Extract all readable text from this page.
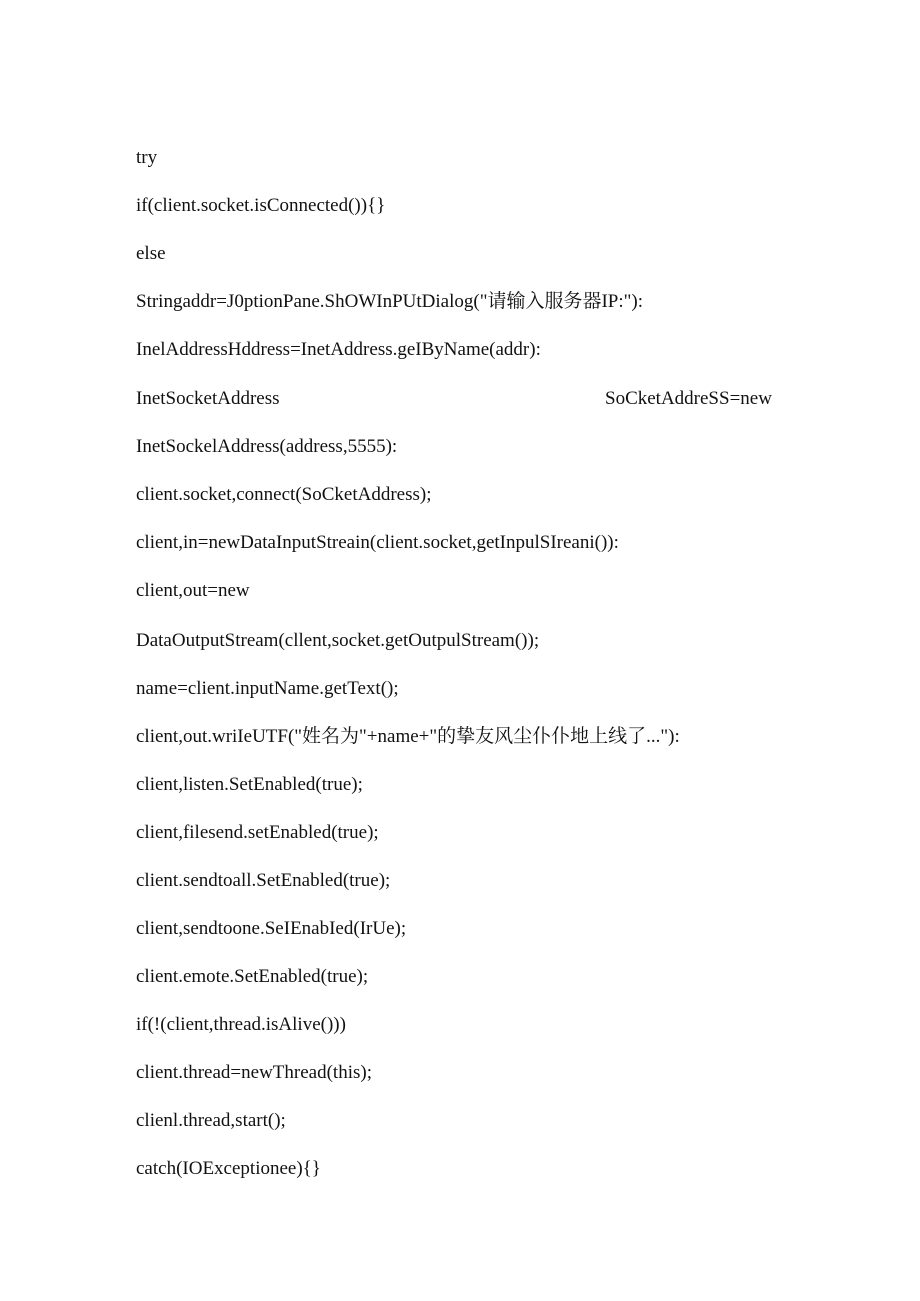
try
if(client.socket.isConnected()){}
else
Stringaddr=J0ptionPane.ShOWInPUtDialog("请输入服务器IP:"):
InelAddressHddress=InetAddress.geIByName(addr):
InetSocketAddress	SoCketAddreSS=new
InetSockelAddress(address,5555):
client.socket,connect(SoCketAddress);
client,in=newDataInputStreain(client.socket,getInpulSIreani()):
client,out=new
DataOutputStream(cllent,socket.getOutpulStream());
name=client.inputName.getText();
client,out.wriIeUTF("姓名为"+name+"的挚友风尘仆仆地上线了..."):
client,listen.SetEnabled(true);
client,filesend.setEnabled(true);
client.sendtoall.SetEnabled(true);
client,sendtoone.SeIEnabIed(IrUe);
client.emote.SetEnabled(true);
if(!(client,thread.isAlive()))
client.thread=newThread(this);
clienl.thread,start();
catch(IOExceptionee){}
